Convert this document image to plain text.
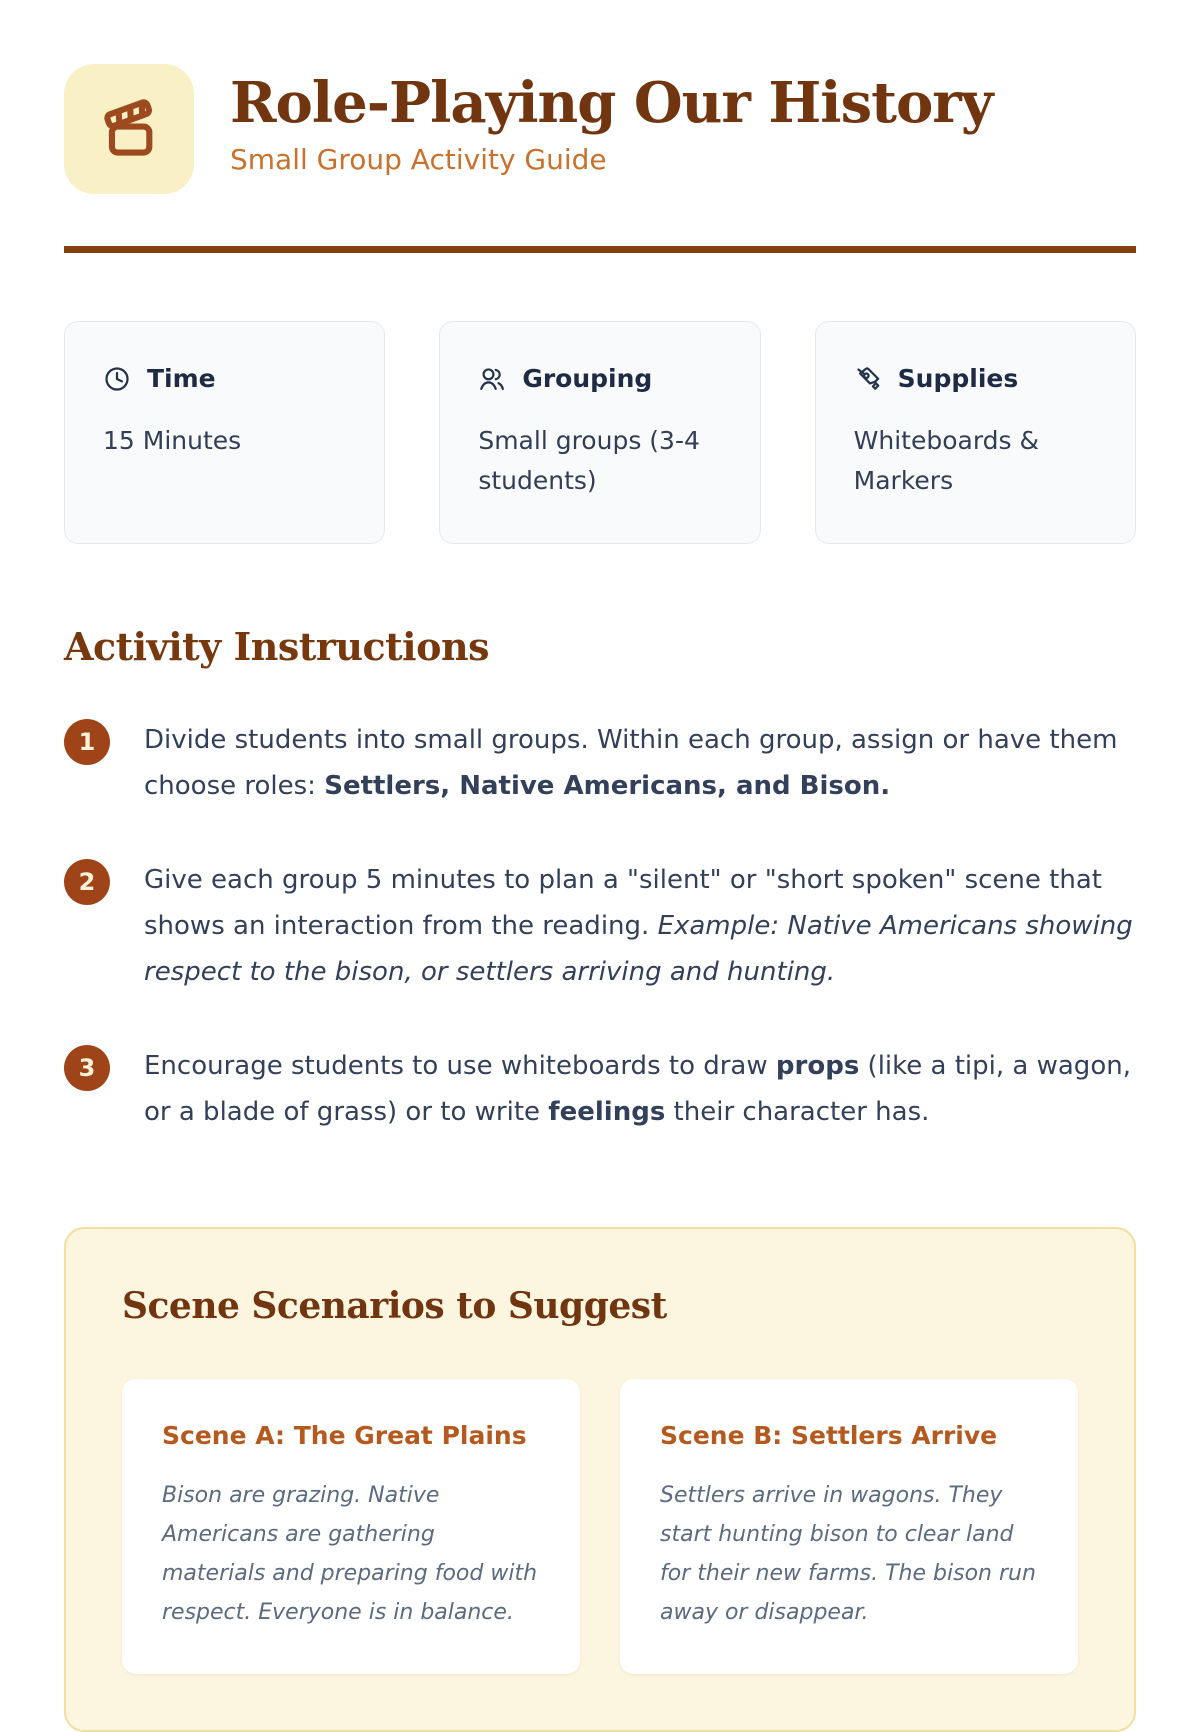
Role-Playing Our History
Small Group Activity Guide
Time
15 Minutes
Grouping
Small groups (3-4 students)
Supplies
Whiteboards & Markers
Activity Instructions
1	Divide students into small groups. Within each group, assign or have them choose roles: Settlers, Native Americans, and Bison.

2	Give each group 5 minutes to plan a "silent" or "short spoken" scene that shows an interaction from the reading. Example: Native Americans showing respect to the bison, or settlers arriving and hunting.

3	Encourage students to use whiteboards to draw props (like a tipi, a wagon, or a blade of grass) or to write feelings their character has.

Scene Scenarios to Suggest
Scene A: The Great Plains

Bison are grazing. Native Americans are gathering materials and preparing food with respect. Everyone is in balance.

Scene B: Settlers Arrive

Settlers arrive in wagons. They start hunting bison to clear land for their new farms. The bison run away or disappear.
